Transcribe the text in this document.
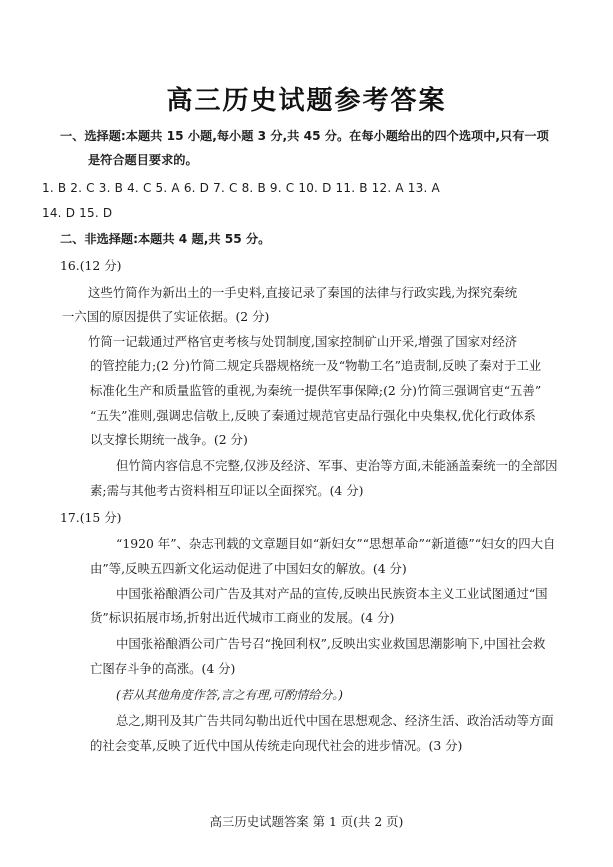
高三历史试题参考答案
一、选择题:本题共 15 小题,每小题 3 分,共 45 分。在每小题给出的四个选项中,只有一项
是符合题目要求的。
1. B 2. C 3. B 4. C 5. A 6. D 7. C 8. B 9. C 10. D 11. B 12. A 13. A
14. D 15. D
二、非选择题:本题共 4 题,共 55 分。
16.(12 分)
这些竹简作为新出土的一手史料,直接记录了秦国的法律与行政实践,为探究秦统
一六国的原因提供了实证依据。(2 分)
竹简一记载通过严格官吏考核与处罚制度,国家控制矿山开采,增强了国家对经济
的管控能力;(2 分)竹简二规定兵器规格统一及“物勒工名”追责制,反映了秦对于工业
标准化生产和质量监管的重视,为秦统一提供军事保障;(2 分)竹简三强调官吏“五善”
“五失”准则,强调忠信敬上,反映了秦通过规范官吏品行强化中央集权,优化行政体系
以支撑长期统一战争。(2 分)
但竹简内容信息不完整,仅涉及经济、军事、吏治等方面,未能涵盖秦统一的全部因
素;需与其他考古资料相互印证以全面探究。(4 分)
17.(15 分)
“1920 年”、杂志刊载的文章题目如“新妇女”“思想革命”“新道德”“妇女的四大自
由”等,反映五四新文化运动促进了中国妇女的解放。(4 分)
中国张裕酿酒公司广告及其对产品的宣传,反映出民族资本主义工业试图通过“国
货”标识拓展市场,折射出近代城市工商业的发展。(4 分)
中国张裕酿酒公司广告号召“挽回利权”,反映出实业救国思潮影响下,中国社会救
亡图存斗争的高涨。(4 分)
(若从其他角度作答,言之有理,可酌情给分。)
总之,期刊及其广告共同勾勒出近代中国在思想观念、经济生活、政治活动等方面
的社会变革,反映了近代中国从传统走向现代社会的进步情况。(3 分)
高三历史试题答案 第 1 页(共 2 页)
